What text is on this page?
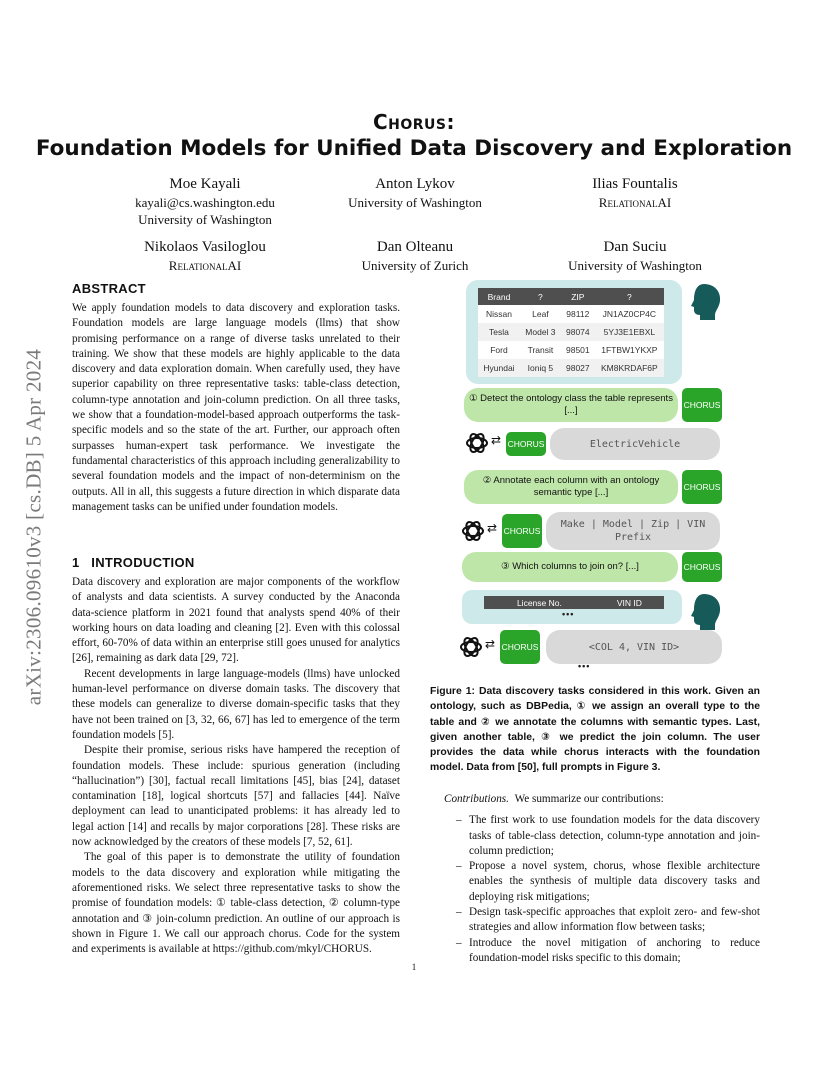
arXiv:2306.09610v3 [cs.DB] 5 Apr 2024
Chorus:
Foundation Models for Unified Data Discovery and Exploration
Moe Kayali
kayali@cs.washington.edu
University of Washington
Anton Lykov
University of Washington
Ilias Fountalis
RelationalAI
Nikolaos Vasiloglou
RelationalAI
Dan Olteanu
University of Zurich
Dan Suciu
University of Washington
ABSTRACT
We apply foundation models to data discovery and exploration tasks. Foundation models are large language models (llms) that show promising performance on a range of diverse tasks unrelated to their training. We show that these models are highly applicable to the data discovery and data exploration domain. When carefully used, they have superior capability on three representative tasks: table-class detection, column-type annotation and join-column prediction. On all three tasks, we show that a foundation-model-based approach outperforms the task-specific models and so the state of the art. Further, our approach often surpasses human-expert task performance. We investigate the fundamental characteristics of this approach including generalizability to several foundation models and the impact of non-determinism on the outputs. All in all, this suggests a future direction in which disparate data management tasks can be unified under foundation models.
1 INTRODUCTION

Data discovery and exploration are major components of the workflow of analysts and data scientists. A survey conducted by the Anaconda data-science platform in 2021 found that analysts spend 40% of their working hours on data loading and cleaning [2]. Even with this colossal effort, 60-70% of data within an enterprise still goes unused for analytics [26], remaining as dark data [29, 72].

Recent developments in large language-models (llms) have unlocked human-level performance on diverse domain tasks. The discovery that these models can generalize to diverse domain-specific tasks that they have not been trained on [3, 32, 66, 67] has led to emergence of the term foundation models [5].

Despite their promise, serious risks have hampered the reception of foundation models. These include: spurious generation (including “hallucination”) [30], factual recall limitations [45], bias [24], dataset contamination [18], logical shortcuts [57] and fallacies [44]. Naïve deployment can lead to unanticipated problems: it has already led to legal action [14] and recalls by major corporations [28]. These risks are now acknowledged by the creators of these models [7, 52, 61].

The goal of this paper is to demonstrate the utility of foundation models to the data discovery and exploration while mitigating the aforementioned risks. We select three representative tasks to show the promise of foundation models: ① table-class detection, ② column-type annotation and ③ join-column prediction. An outline of our approach is shown in Figure 1. We call our approach chorus. Code for the system and experiments is available at https://github.com/mkyl/CHORUS.

Brand	?	ZIP	?
Nissan	Leaf	98112	JN1AZ0CP4C
Tesla	Model 3	98074	5YJ3E1EBXL
Ford	Transit	98501	1FTBW1YKXP
Hyundai	Ioniq 5	98027	KM8KRDAF6P
① Detect the ontology class the table represents [...]	CHORUS
⇄ CHORUS	ElectricVehicle
② Annotate each column with an ontology semantic type [...]	CHORUS
⇄ CHORUS
Make | Model | Zip | VIN Prefix
③ Which columns to join on? [...]	CHORUS
License No.	VIN ID
•••
⇄ CHORUS	<COL 4, VIN ID>
•••
Figure 1: Data discovery tasks considered in this work. Given an ontology, such as DBPedia, ① we assign an overall type to the table and ② we annotate the columns with semantic types. Last, given another table, ③ we predict the join column. The user provides the data while chorus interacts with the foundation model. Data from [50], full prompts in Figure 3.
Contributions. We summarize our contributions:
– The first work to use foundation models for the data discovery tasks of table-class detection, column-type annotation and join-column prediction;
– Propose a novel system, chorus, whose flexible architecture enables the synthesis of multiple data discovery tasks and deploying risk mitigations;
– Design task-specific approaches that exploit zero- and few-shot strategies and allow information flow between tasks;
– Introduce the novel mitigation of anchoring to reduce foundation-model risks specific to this domain;
1
